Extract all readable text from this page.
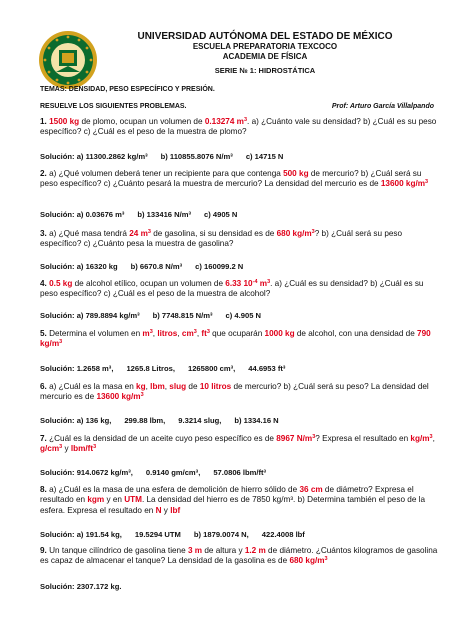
UNIVERSIDAD AUTÓNOMA DEL ESTADO DE MÉXICO
ESCUELA PREPARATORIA TEXCOCO
ACADEMIA DE FÍSICA
SERIE № 1: HIDROSTÁTICA
TEMAS: DENSIDAD, PESO ESPECÍFICO Y PRESIÓN.
RESUELVE LOS SIGUIENTES PROBLEMAS.	Prof: Arturo García Villalpando
1. 1500 kg de plomo, ocupan un volumen de 0.13274 $m^3$. a) ¿Cuánto vale su densidad? b) ¿Cuál es su peso específico? c) ¿Cuál es el peso de la muestra de plomo?
Solución: a) 11300.2862 kg/m³ b) 110855.8076 N/m³ c) 14715 N
2. a) ¿Qué volumen deberá tener un recipiente para que contenga 500 kg de mercurio? b) ¿Cuál será su peso específico? c) ¿Cuánto pesará la muestra de mercurio? La densidad del mercurio es de 13600 $kg/m^3$
Solución: a) 0.03676 m³ b) 133416 N/m³ c) 4905 N
3. a) ¿Qué masa tendrá 24 $m^3$ de gasolina, si su densidad es de 680 $kg/m^3$? b) ¿Cuál será su peso específico? c) ¿Cuánto pesa la muestra de gasolina?
Solución: a) 16320 kg b) 6670.8 N/m³ c) 160099.2 N
4. 0.5 kg de alcohol etílico, ocupan un volumen de 6.33 $10^{-4}$ $m^3$. a) ¿Cuál es su densidad? b) ¿Cuál es su peso específico? c) ¿Cuál es el peso de la muestra de alcohol?
Solución: a) 789.8894 kg/m³ b) 7748.815 N/m³ c) 4.905 N
5. Determina el volumen en $m^3$, litros, $cm^3$, $ft^3$ que ocuparán 1000 kg de alcohol, con una densidad de 790 $kg/m^3$
Solución: 1.2658 m³, 1265.8 Litros, 1265800 cm³, 44.6953 ft³
6. a) ¿Cuál es la masa en kg, lbm, slug de 10 litros de mercurio? b) ¿Cuál será su peso? La densidad del mercurio es de 13600 $kg/m^3$
Solución: a) 136 kg, 299.88 lbm, 9.3214 slug, b) 1334.16 N
7. ¿Cuál es la densidad de un aceite cuyo peso específico es de 8967 $N/m^3$? Expresa el resultado en $kg/m^3$, $g/cm^3$ y lbm/$ft^3$
Solución: 914.0672 kg/m³, 0.9140 gm/cm³, 57.0806 lbm/ft³
8. a) ¿Cuál es la masa de una esfera de demolición de hierro sólido de 36 cm de diámetro? Expresa el resultado en kgm y en UTM. La densidad del hierro es de 7850 kg/m³. b) Determina también el peso de la esfera. Expresa el resultado en N y lbf
Solución: a) 191.54 kg, 19.5294 UTM b) 1879.0074 N, 422.4008 lbf
9. Un tanque cilíndrico de gasolina tiene 3 m de altura y 1.2 m de diámetro. ¿Cuántos kilogramos de gasolina es capaz de almacenar el tanque? La densidad de la gasolina es de 680 $kg/m^3$
Solución: 2307.172 kg.
